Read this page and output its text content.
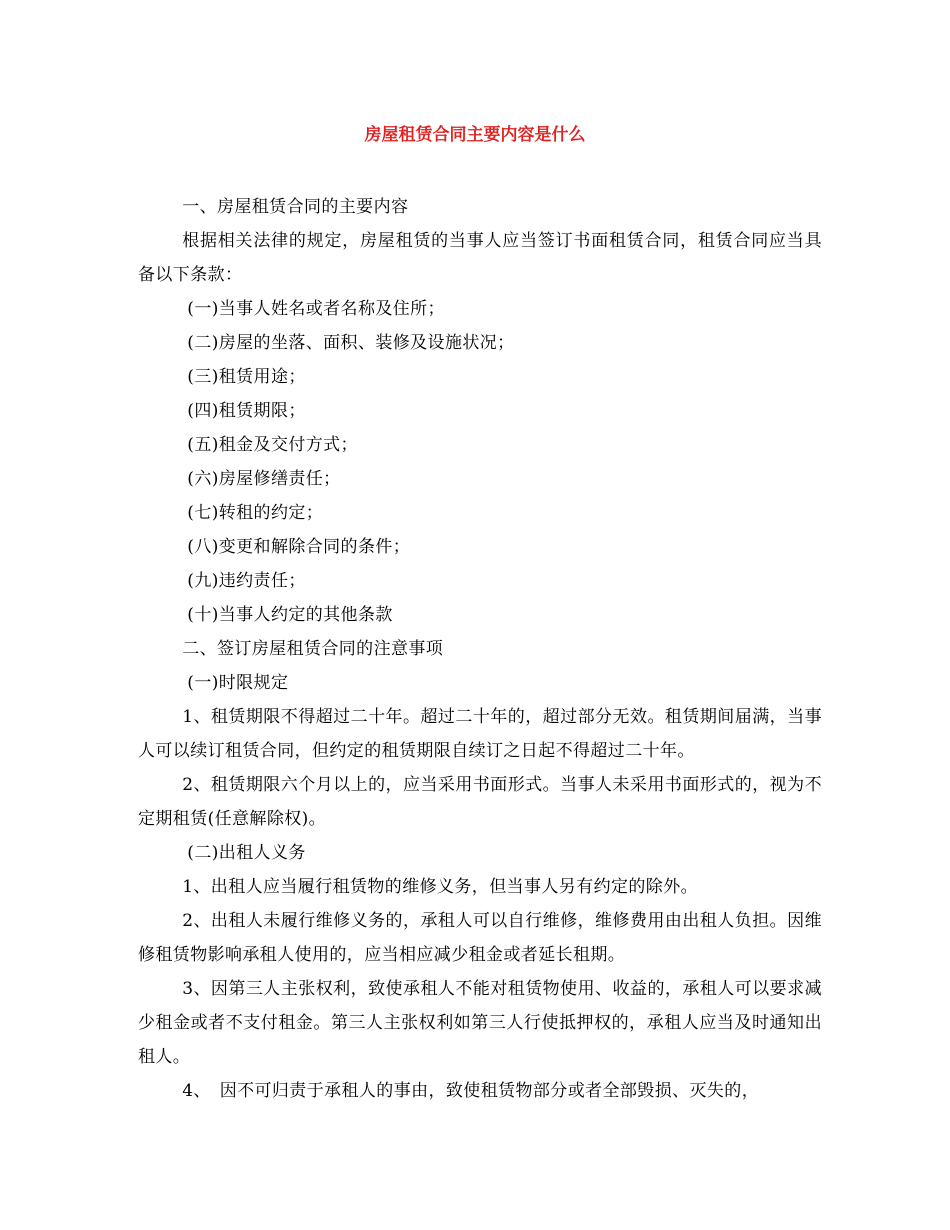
房屋租赁合同主要内容是什么

一、房屋租赁合同的主要内容

根据相关法律的规定，房屋租赁的当事人应当签订书面租赁合同，租赁合同应当具备以下条款：

(一)当事人姓名或者名称及住所；

(二)房屋的坐落、面积、装修及设施状况；

(三)租赁用途；

(四)租赁期限；

(五)租金及交付方式；

(六)房屋修缮责任；

(七)转租的约定；

(八)变更和解除合同的条件；

(九)违约责任；

(十)当事人约定的其他条款

二、签订房屋租赁合同的注意事项

(一)时限规定

1、租赁期限不得超过二十年。超过二十年的，超过部分无效。租赁期间届满，当事人可以续订租赁合同，但约定的租赁期限自续订之日起不得超过二十年。

2、租赁期限六个月以上的，应当采用书面形式。当事人未采用书面形式的，视为不定期租赁(任意解除权)。

(二)出租人义务

1、出租人应当履行租赁物的维修义务，但当事人另有约定的除外。

2、出租人未履行维修义务的，承租人可以自行维修，维修费用由出租人负担。因维修租赁物影响承租人使用的，应当相应减少租金或者延长租期。

3、因第三人主张权利，致使承租人不能对租赁物使用、收益的，承租人可以要求减少租金或者不支付租金。第三人主张权利如第三人行使抵押权的，承租人应当及时通知出租人。

4、　因不可归责于承租人的事由，致使租赁物部分或者全部毁损、灭失的，
